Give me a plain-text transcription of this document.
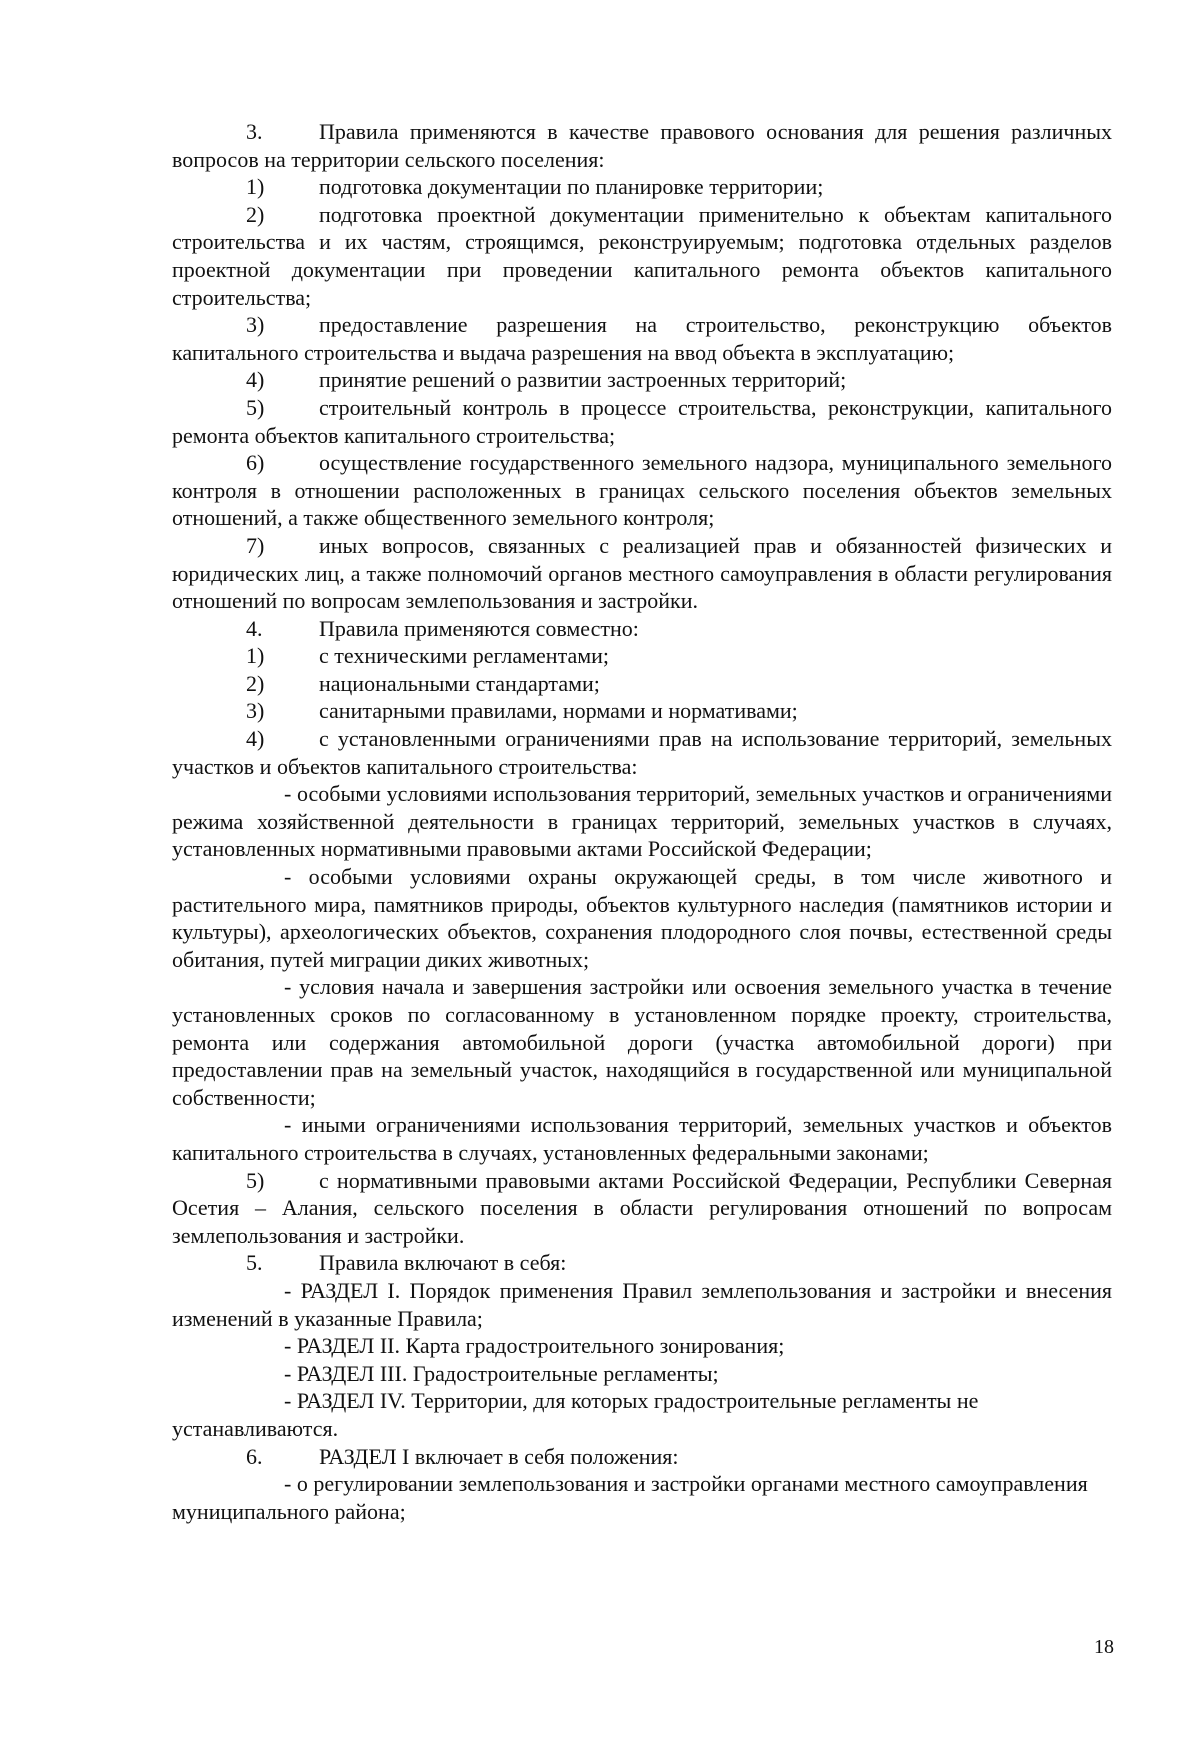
3.	Правила применяются в качестве правового основания для решения различных вопросов на территории сельского поселения:

1) подготовка документации по планировке территории;

2) подготовка проектной документации применительно к объектам капитального строительства и их частям, строящимся, реконструируемым; подготовка отдельных разделов проектной документации при проведении капитального ремонта объектов капитального строительства;

3) предоставление разрешения на строительство, реконструкцию объектов капитального строительства и выдача разрешения на ввод объекта в эксплуатацию;

4) принятие решений о развитии застроенных территорий;

5) строительный контроль в процессе строительства, реконструкции, капитального ремонта объектов капитального строительства;

6) осуществление государственного земельного надзора, муниципального земельного контроля в отношении расположенных в границах сельского поселения объектов земельных отношений, а также общественного земельного контроля;

7) иных вопросов, связанных с реализацией прав и обязанностей физических и юридических лиц, а также полномочий органов местного самоуправления в области регулирования отношений по вопросам землепользования и застройки.

4.	Правила применяются совместно:

1) с техническими регламентами;

2) национальными стандартами;

3) санитарными правилами, нормами и нормативами;

4) с установленными ограничениями прав на использование территорий, земельных участков и объектов капитального строительства:

- особыми условиями использования территорий, земельных участков и ограничениями режима хозяйственной деятельности в границах территорий, земельных участков в случаях, установленных нормативными правовыми актами Российской Федерации;

- особыми условиями охраны окружающей среды, в том числе животного и растительного мира, памятников природы, объектов культурного наследия (памятников истории и культуры), археологических объектов, сохранения плодородного слоя почвы, естественной среды обитания, путей миграции диких животных;

- условия начала и завершения застройки или освоения земельного участка в течение установленных сроков по согласованному в установленном порядке проекту, строительства, ремонта или содержания автомобильной дороги (участка автомобильной дороги) при предоставлении прав на земельный участок, находящийся в государственной или муниципальной собственности;

- иными ограничениями использования территорий, земельных участков и объектов капитального строительства в случаях, установленных федеральными законами;

5) с нормативными правовыми актами Российской Федерации, Республики Северная Осетия – Алания, сельского поселения в области регулирования отношений по вопросам землепользования и застройки.

5.	Правила включают в себя:

- РАЗДЕЛ I. Порядок применения Правил землепользования и застройки и внесения изменений в указанные Правила;

- РАЗДЕЛ II. Карта градостроительного зонирования;

- РАЗДЕЛ III. Градостроительные регламенты;

- РАЗДЕЛ IV. Территории, для которых градостроительные регламенты не устанавливаются.

6.	РАЗДЕЛ I включает в себя положения:

- о регулировании землепользования и застройки органами местного самоуправления муниципального района;

18
